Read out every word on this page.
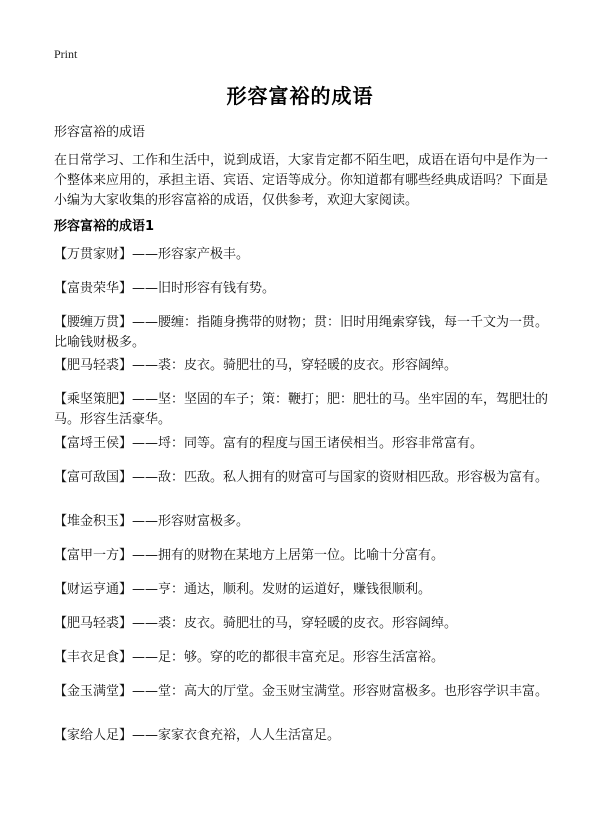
Print
形容富裕的成语
形容富裕的成语
在日常学习、工作和生活中，说到成语，大家肯定都不陌生吧，成语在语句中是作为一个整体来应用的，承担主语、宾语、定语等成分。你知道都有哪些经典成语吗？下面是小编为大家收集的形容富裕的成语，仅供参考，欢迎大家阅读。
形容富裕的成语1
【万贯家财】——形容家产极丰。
【富贵荣华】——旧时形容有钱有势。
【腰缠万贯】——腰缠：指随身携带的财物；贯：旧时用绳索穿钱，每一千文为一贯。比喻钱财极多。
【肥马轻裘】——裘：皮衣。骑肥壮的马，穿轻暖的皮衣。形容阔绰。
【乘坚策肥】——坚：坚固的车子；策：鞭打；肥：肥壮的马。坐牢固的车，驾肥壮的马。形容生活豪华。
【富埒王侯】——埒：同等。富有的程度与国王诸侯相当。形容非常富有。
【富可敌国】——敌：匹敌。私人拥有的财富可与国家的资财相匹敌。形容极为富有。
【堆金积玉】——形容财富极多。
【富甲一方】——拥有的财物在某地方上居第一位。比喻十分富有。
【财运亨通】——亨：通达，顺利。发财的运道好，赚钱很顺利。
【肥马轻裘】——裘：皮衣。骑肥壮的马，穿轻暖的皮衣。形容阔绰。
【丰衣足食】——足：够。穿的吃的都很丰富充足。形容生活富裕。
【金玉满堂】——堂：高大的厅堂。金玉财宝满堂。形容财富极多。也形容学识丰富。
【家给人足】——家家衣食充裕，人人生活富足。
